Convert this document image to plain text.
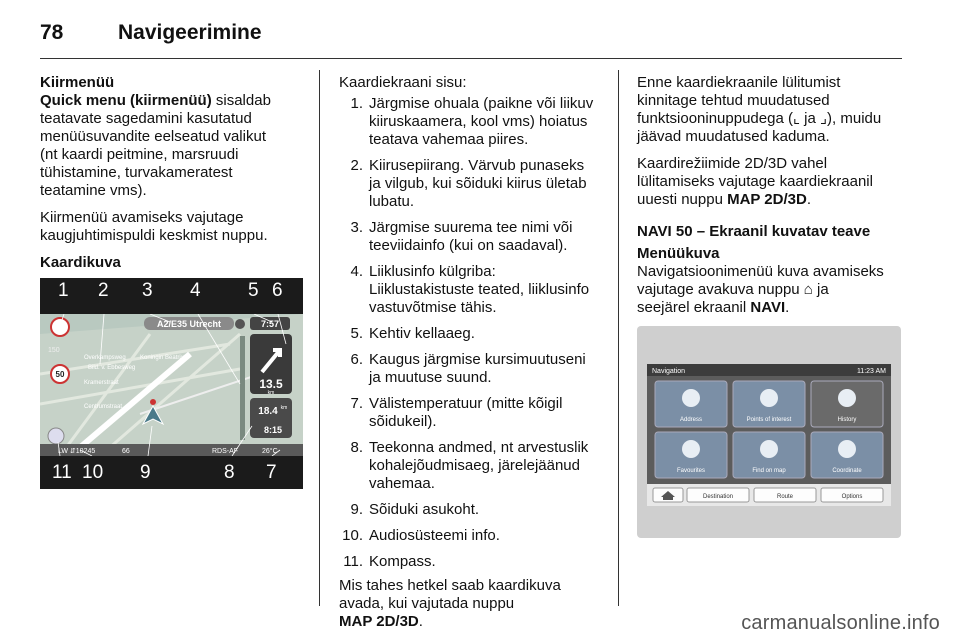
78	Navigeerimine
Kiirmenüü

Quick menu (kiirmenüü) sisaldab
teatavate sagedamini kasutatud
menüüsuvandite eelseatud valikut
(nt kaardi peitmine, marsruudi
tühistamine, turvakameratest
teatamine vms).

Kiirmenüü avamiseks vajutage
kaugjuhtimispuldi keskmist nuppu.

Kaardikuva
1 2 3 4 5 6
A2/E35 Utrecht	7:57
13.5
km
18.4 km
8:15
150
50
Overkampsweg Koningin Beatrix
Bild. v. Ebbesweg
Kramerstraat
Centrumstraat
LW ⇵10245	66	RDS-AF	26°C
11 10 9	8 7
Kaardiekraani sisu:
1. Järgmise ohuala (paikne või liikuv
kiiruskaamera, kool vms) hoiatus
teatava vahemaa piires.
2. Kiirusepiirang. Värvub punaseks
ja vilgub, kui sõiduki kiirus ületab
lubatu.
3. Järgmise suurema tee nimi või
teeviidainfo (kui on saadaval).
4. Liiklusinfo külgriba:
Liiklustakistuste teated, liiklusinfo
vastuvõtmise tähis.
5. Kehtiv kellaaeg.
6. Kaugus järgmise kursimuutuseni
ja muutuse suund.
7. Välistemperatuur (mitte kõigil
sõidukeil).
8. Teekonna andmed, nt arvestuslik
kohalejõudmisaeg, järelejäänud
vahemaa.
9. Sõiduki asukoht.
10. Audiosüsteemi info.
11. Kompass.
Mis tahes hetkel saab kaardikuva
avada, kui vajutada nuppu
MAP 2D/3D.

Enne kaardiekraanile lülitumist
kinnitage tehtud muudatused
funktsiooninuppudega (⌞ ja ⌟), muidu
jäävad muudatused kaduma.

Kaardirežiimide 2D/3D vahel
lülitamiseks vajutage kaardiekraanil
uuesti nuppu MAP 2D/3D.

NAVI 50 – Ekraanil kuvatav teave
Menüükuva

Navigatsioonimenüü kuva avamiseks
vajutage avakuva nuppu ⌂ ja
seejärel ekraanil NAVI.

Navigation	11:23 AM
Address	Points of interest	History
Favourites	Find on map	Coordinate
Destination	Route	Options
carmanualsonline.info
